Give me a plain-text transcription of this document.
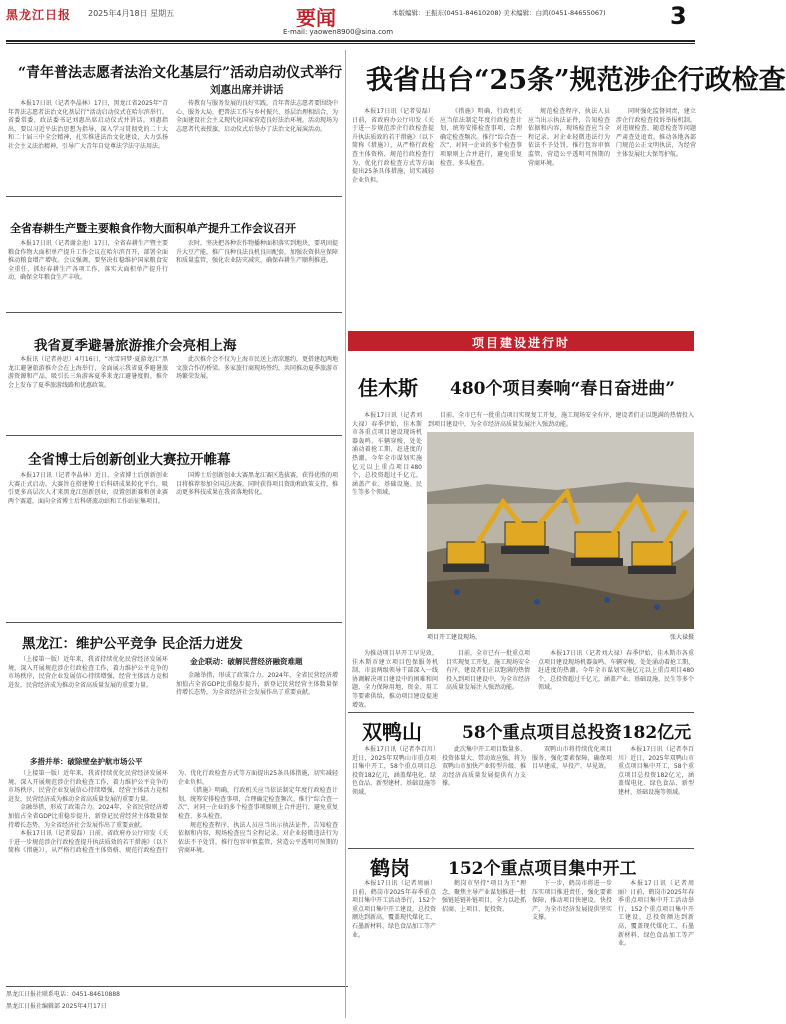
黑龙江日报 2025年4月18日 星期五	要闻
E-mail: yaowen8900@sina.com
本版编辑：王振东(0451-84610208) 美术编辑：白鸿(0451-84655067)	3
“青年普法志愿者法治文化基层行”活动启动仪式举行
刘惠出席并讲话

本报17日讯（记者李晶林）17日，黑龙江省2025年“青年普法志愿者法治文化基层行”活动启动仪式在哈尔滨举行。省委常委、政法委书记刘惠出席启动仪式并讲话。刘惠指出，要以习近平法治思想为指导，深入学习贯彻党的二十大和二十届三中全会精神，扎实推进法治文化建设，大力弘扬社会主义法治精神，引导广大青年自觉尊法学法守法用法。

传教育与服务发展的良好实践。青年普法志愿者要围绕中心、服务大局，把普法工作与乡村振兴、基层治理相结合，为全面建设社会主义现代化国家营造良好法治环境。活动现场为志愿者代表授旗，启动仪式后举办了法治文化展演活动。

全省春耕生产暨主要粮食作物大面积单产提升工作会议召开

本报17日讯（记者谢金池）17日，全省春耕生产暨主要粮食作物大面积单产提升工作会议在哈尔滨召开，部署全面推动粮食增产增收。会议强调，要坚决扛稳维护国家粮食安全重任，抓好春耕生产各项工作，落实大面积单产提升行动，确保全年粮食生产丰收。

农时，坚决把各种农作物播种面积落实到地块，要巩固提升大豆产能，推广良种良法良机良田配套，加强农资供应保障和质量监管，强化农业防灾减灾，确保春耕生产顺利推进。

我省夏季避暑旅游推介会亮相上海

本报讯（记者孙思）4月16日，“冰雪同梦·夏游龙江”黑龙江避暑旅游推介会在上海举行，全面展示我省夏季避暑旅游资源和产品，吸引长三角游客夏季来龙江避暑度假。推介会上发布了夏季旅游线路和优惠政策。

此次推介会不仅为上海市民送上清凉邀约，更搭建起两地文旅合作的桥梁。多家旅行商现场签约，共同推动夏季旅游市场繁荣发展。

全省博士后创新创业大赛拉开帷幕

本报17日讯（记者李晶林）近日，全省博士后创新创业大赛正式启动。大赛旨在搭建博士后科研成果转化平台，吸引更多高层次人才来黑龙江创新创业，设置创新赛和创业赛两个赛道，面向全省博士后科研流动站和工作站征集项目。

国博士后创新创业大赛黑龙江赛区选拔赛，获得优胜的项目将推荐参加全国总决赛，同时获得项目资助和政策支持，推动更多科技成果在我省落地转化。

黑龙江：维护公平竞争 民企活力迸发

（上接第一版）近年来，我省持续优化民营经济发展环境，深入开展规范涉企行政检查工作，着力维护公平竞争的市场秩序，民营企业发展信心持续增强，经营主体活力竞相迸发，民营经济成为推动全省高质量发展的重要力量。

多措并举：破除壁垒护航市场公平

金融举措，形成了政策合力。2024年，全省民营经济增加值占全省GDP比重稳步提升，新登记民营经营主体数量保持增长态势，为全省经济社会发展作出了重要贡献。

金企联动：破解民营经济融资难题

（上接第一版）近年来，我省持续优化民营经济发展环境，深入开展规范涉企行政检查工作，着力维护公平竞争的市场秩序，民营企业发展信心持续增强，经营主体活力竞相迸发，民营经济成为推动全省高质量发展的重要力量。

金融举措，形成了政策合力。2024年，全省民营经济增加值占全省GDP比重稳步提升，新登记民营经营主体数量保持增长态势，为全省经济社会发展作出了重要贡献。

本报17日讯（记者晏磊）日前，省政府办公厅印发《关于进一步规范涉企行政检查提升执法质效的若干措施》（以下简称《措施》），从严格行政检查主体资格、规范行政检查行为、优化行政检查方式等方面提出25条具体措施，切实减轻企业负担。

《措施》明确，行政机关应当依法制定年度行政检查计划，统筹安排检查事项，合理确定检查频次。推行“综合查一次”，对同一企业的多个检查事项原则上合并进行，避免重复检查、多头检查。

规范检查程序，执法人员应当出示执法证件，告知检查依据和内容，现场检查应当全程记录。对企业轻微违法行为依法不予处罚，推行包容审慎监管，营造公平透明可预期的营商环境。

黑龙江日报社联系电话：0451-84610888
黑龙江日报社编辑部 2025年4月17日
我省出台“25条”规范涉企行政检查

本报17日讯（记者晏磊）日前，省政府办公厅印发《关于进一步规范涉企行政检查提升执法质效的若干措施》（以下简称《措施》），从严格行政检查主体资格、规范行政检查行为、优化行政检查方式等方面提出25条具体措施，切实减轻企业负担。

《措施》明确，行政机关应当依法制定年度行政检查计划，统筹安排检查事项，合理确定检查频次。推行“综合查一次”，对同一企业的多个检查事项原则上合并进行，避免重复检查、多头检查。

规范检查程序，执法人员应当出示执法证件，告知检查依据和内容，现场检查应当全程记录。对企业轻微违法行为依法不予处罚，推行包容审慎监管，营造公平透明可预期的营商环境。

同时强化监督问责，建立涉企行政检查投诉举报机制，对违规检查、随意检查等问题严肃查处追责，推动各地各部门规范公正文明执法，为经营主体发展壮大保驾护航。

项目建设进行时
佳木斯 480个项目奏响“春日奋进曲”

本报17日讯（记者刘大禄）春季伊始，佳木斯市各重点项目建设现场机器轰鸣、车辆穿梭，处处涌动着抢工期、赶进度的热潮。今年全市谋划实施亿元以上重点项目480个，总投资超过千亿元，涵盖产业、基础设施、民生等多个领域。

目前，全市已有一批重点项目实现复工开复，施工现场安全有序，建设者们正以饱满的热情投入到项目建设中，为全市经济高质量发展注入强劲动能。

项目开工建设现场。	张大禄摄

为推动项目早开工早见效，佳木斯市建立项目包保服务机制，市县两级领导干部深入一线协调解决项目建设中的困难和问题，全力保障用地、资金、用工等要素供给，推动项目建设提速增效。

目前，全市已有一批重点项目实现复工开复，施工现场安全有序，建设者们正以饱满的热情投入到项目建设中，为全市经济高质量发展注入强劲动能。

本报17日讯（记者刘大禄）春季伊始，佳木斯市各重点项目建设现场机器轰鸣、车辆穿梭，处处涌动着抢工期、赶进度的热潮。今年全市谋划实施亿元以上重点项目480个，总投资超过千亿元，涵盖产业、基础设施、民生等多个领域。

双鸭山 58个重点项目总投资182亿元

本报17日讯（记者李百川）近日，2025年双鸭山市重点项目集中开工，58个重点项目总投资182亿元，涵盖煤电化、绿色食品、新型建材、基础设施等领域。

此次集中开工项目数量多、投资体量大、带动效应强，将为双鸭山市加快产业转型升级、推动经济高质量发展提供有力支撑。

双鸭山市将持续优化项目服务，强化要素保障，确保项目早建成、早投产、早见效。

本报17日讯（记者李百川）近日，2025年双鸭山市重点项目集中开工，58个重点项目总投资182亿元，涵盖煤电化、绿色食品、新型建材、基础设施等领域。

鹤岗 152个重点项目集中开工

本报17日讯（记者周丽）日前，鹤岗市2025年春季重点项目集中开工活动举行，152个重点项目集中开工建设，总投资额达到新高，覆盖现代煤化工、石墨新材料、绿色食品加工等产业。

鹤岗市坚持“项目为王”理念，聚焦主导产业谋划推进一批强链延链补链项目，全力以赴抓招商、上项目、促投资。

下一步，鹤岗市将进一步压实项目推进责任，强化要素保障，推动项目快建设、快投产，为全市经济发展提供坚实支撑。

本报17日讯（记者周丽）日前，鹤岗市2025年春季重点项目集中开工活动举行，152个重点项目集中开工建设，总投资额达到新高，覆盖现代煤化工、石墨新材料、绿色食品加工等产业。
